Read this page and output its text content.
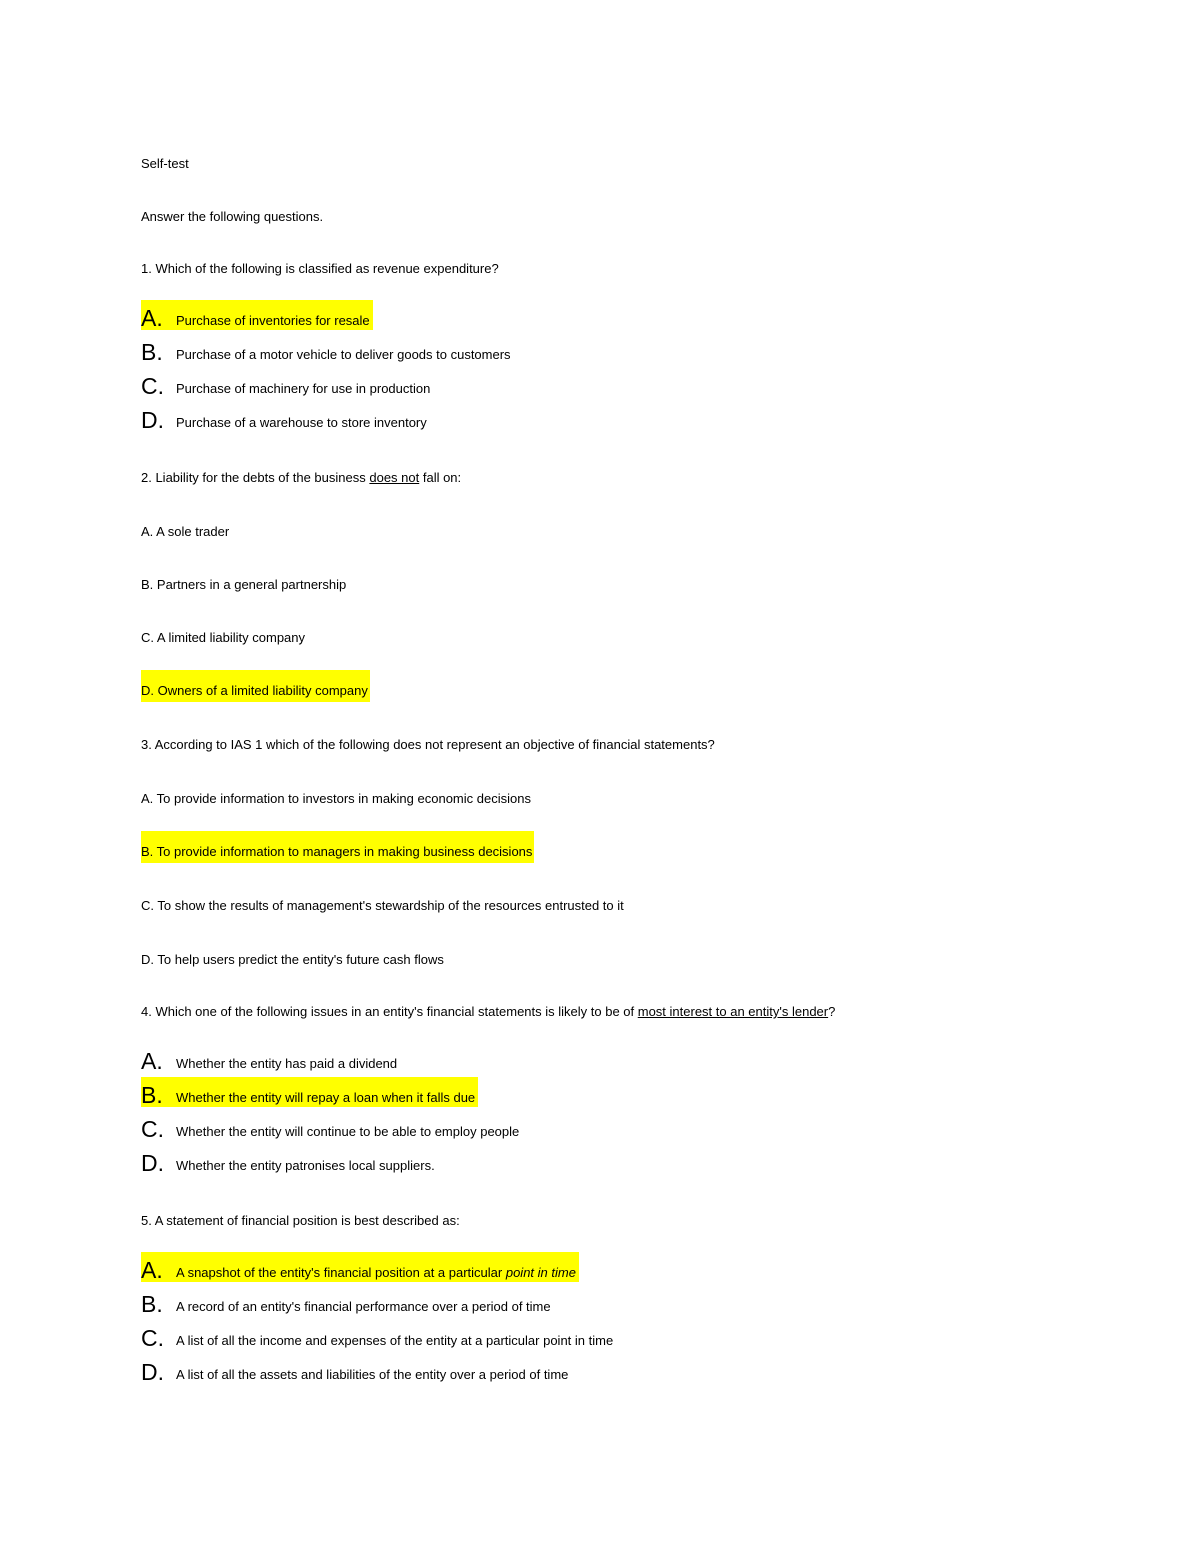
Self-test
Answer the following questions.
1. Which of the following is classified as revenue expenditure?
A.	Purchase of inventories for resale
B.	Purchase of a motor vehicle to deliver goods to customers
C. Purchase of machinery for use in production
D. Purchase of a warehouse to store inventory
2. Liability for the debts of the business does not fall on:
A. A sole trader
B. Partners in a general partnership
C. A limited liability company
D. Owners of a limited liability company
3. According to IAS 1 which of the following does not represent an objective of financial statements?
A. To provide information to investors in making economic decisions
B. To provide information to managers in making business decisions
C. To show the results of management's stewardship of the resources entrusted to it
D. To help users predict the entity's future cash flows
4. Which one of the following issues in an entity's financial statements is likely to be of most interest to an entity's lender?
A.	Whether the entity has paid a dividend
B.	Whether the entity will repay a loan when it falls due
C. Whether the entity will continue to be able to employ people
D. Whether the entity patronises local suppliers.
5. A statement of financial position is best described as:
A.	A snapshot of the entity's financial position at a particular point in time
B.	A record of an entity's financial performance over a period of time
C. A list of all the income and expenses of the entity at a particular point in time
D. A list of all the assets and liabilities of the entity over a period of time
